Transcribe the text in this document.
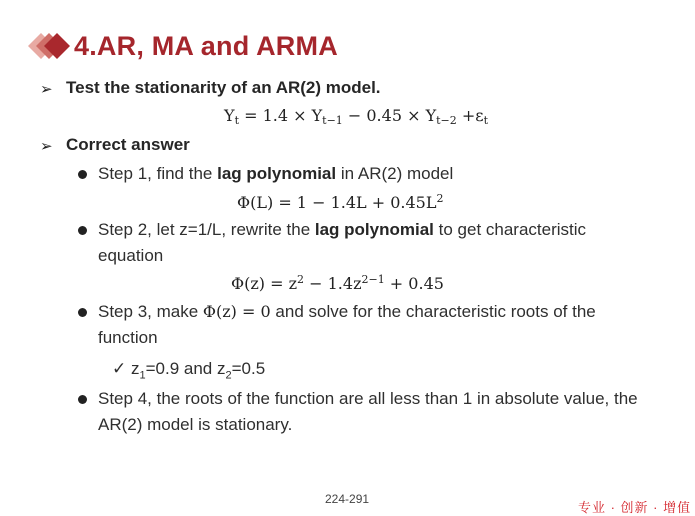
4.AR, MA and ARMA
➢ Test the stationarity of an AR(2) model.
$Y_t = 1.4 \times Y_{t-1} - 0.45 \times Y_{t-2} +\varepsilon_t$
➢ Correct answer
Step 1, find the lag polynomial in AR(2) model
$\Phi(L) = 1 - 1.4L + 0.45L^2$
Step 2, let z=1/L, rewrite the lag polynomial to get characteristic
equation
$\Phi(z) = z^2 - 1.4z^{2-1} + 0.45$
Step 3, make Φ(z) = 0 and solve for the characteristic roots of the
function
✓ $z_1=0.9$ and $z_2=0.5$
Step 4, the roots of the function are all less than 1 in absolute value, the
AR(2) model is stationary.
224-291
专业 · 创新 · 增值
